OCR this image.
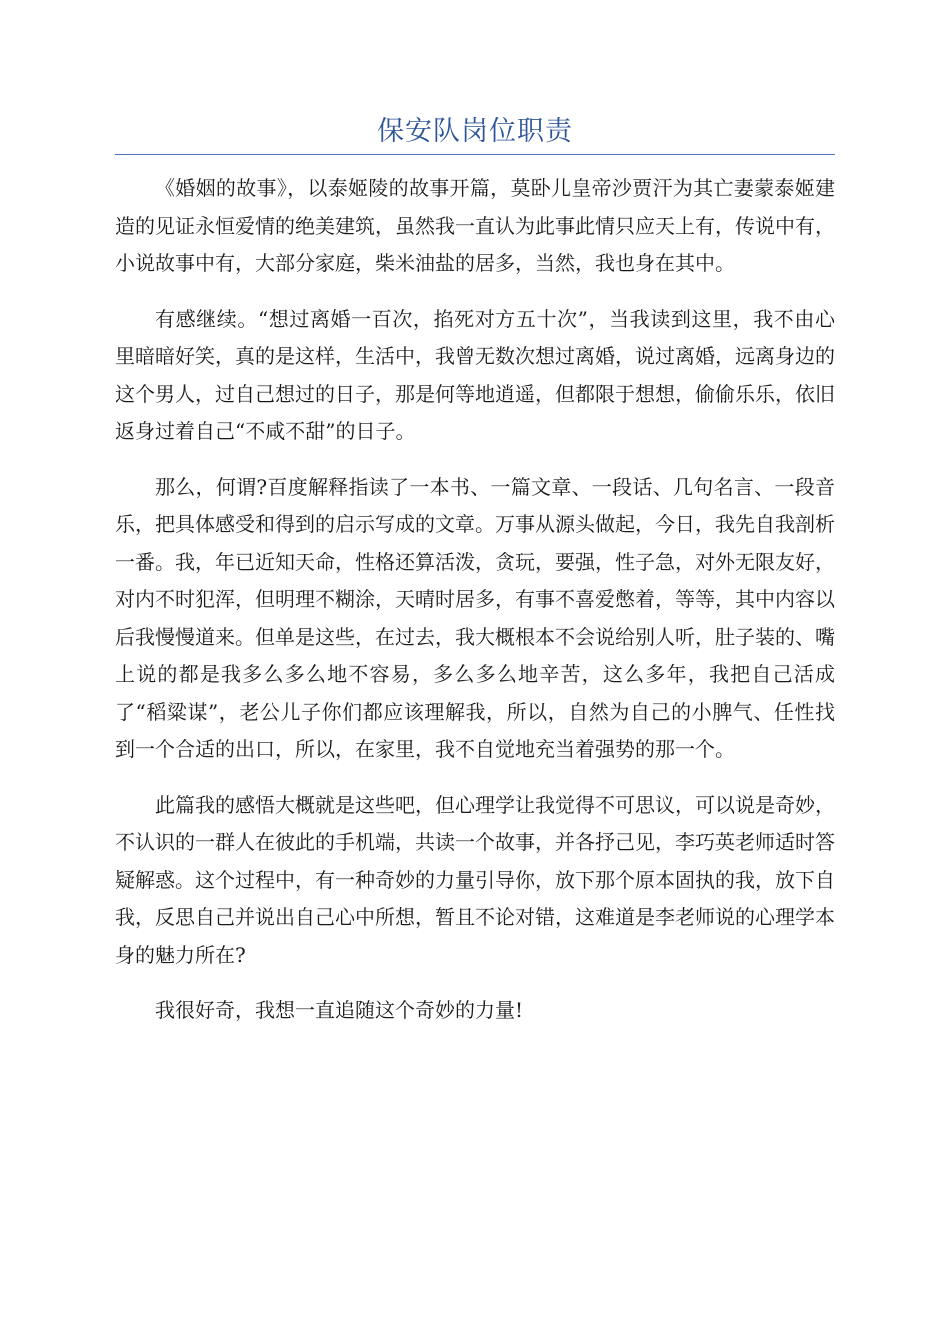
保安队岗位职责

《婚姻的故事》，以泰姬陵的故事开篇，莫卧儿皇帝沙贾汗为其亡妻蒙泰姬建造的见证永恒爱情的绝美建筑，虽然我一直认为此事此情只应天上有，传说中有，小说故事中有，大部分家庭，柴米油盐的居多，当然，我也身在其中。

有感继续。“想过离婚一百次，掐死对方五十次”，当我读到这里，我不由心里暗暗好笑，真的是这样，生活中，我曾无数次想过离婚，说过离婚，远离身边的这个男人，过自己想过的日子，那是何等地逍遥，但都限于想想，偷偷乐乐，依旧返身过着自己“不咸不甜”的日子。

那么，何谓?百度解释指读了一本书、一篇文章、一段话、几句名言、一段音乐，把具体感受和得到的启示写成的文章。万事从源头做起，今日，我先自我剖析一番。我，年已近知天命，性格还算活泼，贪玩，要强，性子急，对外无限友好，对内不时犯浑，但明理不糊涂，天晴时居多，有事不喜爱憋着，等等，其中内容以后我慢慢道来。但单是这些，在过去，我大概根本不会说给别人听，肚子装的、嘴上说的都是我多么多么地不容易，多么多么地辛苦，这么多年，我把自己活成了“稻粱谋”，老公儿子你们都应该理解我，所以，自然为自己的小脾气、任性找到一个合适的出口，所以，在家里，我不自觉地充当着强势的那一个。

此篇我的感悟大概就是这些吧，但心理学让我觉得不可思议，可以说是奇妙，不认识的一群人在彼此的手机端，共读一个故事，并各抒己见，李巧英老师适时答疑解惑。这个过程中，有一种奇妙的力量引导你，放下那个原本固执的我，放下自我，反思自己并说出自己心中所想，暂且不论对错，这难道是李老师说的心理学本身的魅力所在?

我很好奇，我想一直追随这个奇妙的力量!
